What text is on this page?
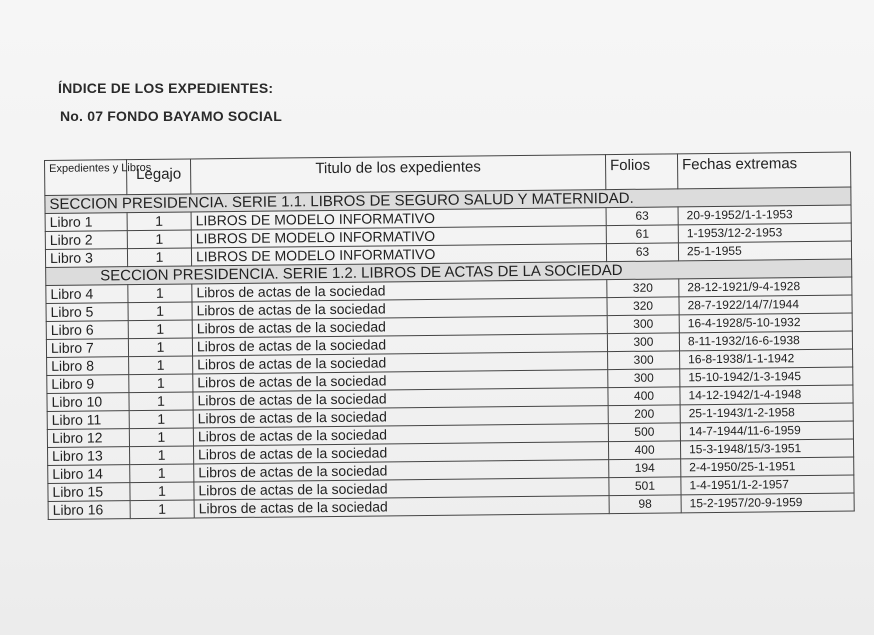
ÍNDICE DE LOS EXPEDIENTES:
No. 07 FONDO BAYAMO SOCIAL
Expedientes y Libros	Legajo	Titulo de los expedientes	Folios	Fechas extremas
SECCION PRESIDENCIA. SERIE 1.1. LIBROS DE SEGURO SALUD Y MATERNIDAD.				
Libro 1	1	LIBROS DE MODELO INFORMATIVO	63	20-9-1952/1-1-1953
Libro 2	1	LIBROS DE MODELO INFORMATIVO	61	1-1953/12-2-1953
Libro 3	1	LIBROS DE MODELO INFORMATIVO	63	25-1-1955
SECCION PRESIDENCIA. SERIE 1.2. LIBROS DE ACTAS DE LA SOCIEDAD				
Libro 4	1	Libros de actas de la sociedad	320	28-12-1921/9-4-1928
Libro 5	1	Libros de actas de la sociedad	320	28-7-1922/14/7/1944
Libro 6	1	Libros de actas de la sociedad	300	16-4-1928/5-10-1932
Libro 7	1	Libros de actas de la sociedad	300	8-11-1932/16-6-1938
Libro 8	1	Libros de actas de la sociedad	300	16-8-1938/1-1-1942
Libro 9	1	Libros de actas de la sociedad	300	15-10-1942/1-3-1945
Libro 10	1	Libros de actas de la sociedad	400	14-12-1942/1-4-1948
Libro 11	1	Libros de actas de la sociedad	200	25-1-1943/1-2-1958
Libro 12	1	Libros de actas de la sociedad	500	14-7-1944/11-6-1959
Libro 13	1	Libros de actas de la sociedad	400	15-3-1948/15/3-1951
Libro 14	1	Libros de actas de la sociedad	194	2-4-1950/25-1-1951
Libro 15	1	Libros de actas de la sociedad	501	1-4-1951/1-2-1957
Libro 16	1	Libros de actas de la sociedad	98	15-2-1957/20-9-1959
